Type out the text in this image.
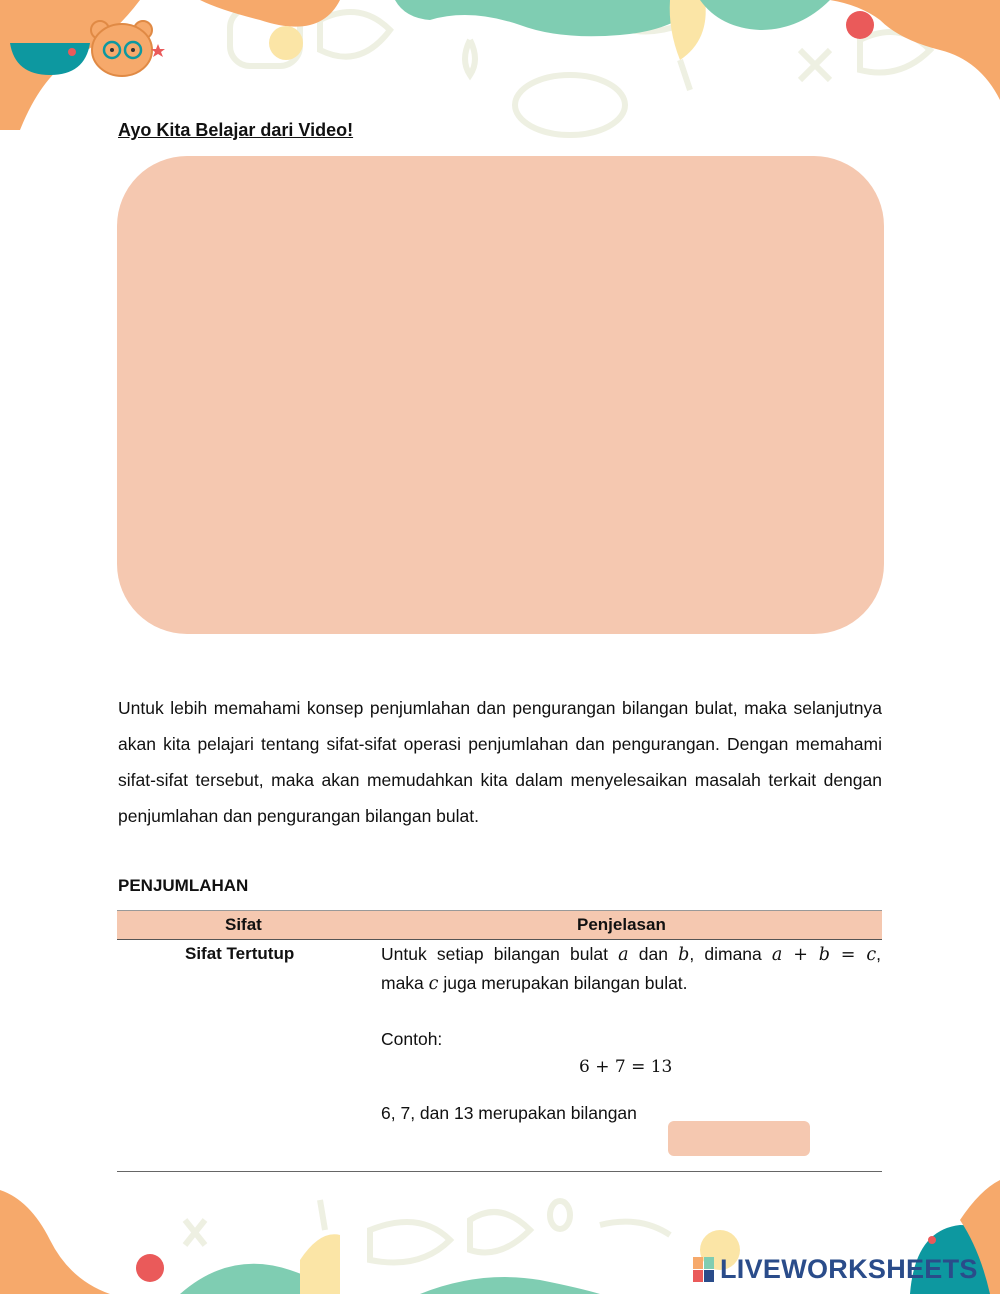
Ayo Kita Belajar dari Video!
Untuk lebih memahami konsep penjumlahan dan pengurangan bilangan bulat, maka selanjutnya akan kita pelajari tentang sifat-sifat operasi penjumlahan dan pengurangan. Dengan memahami sifat-sifat tersebut, maka akan memudahkan kita dalam menyelesaikan masalah terkait dengan penjumlahan dan pengurangan bilangan bulat.
PENJUMLAHAN
Sifat	Penjelasan
Sifat Tertutup	Untuk setiap bilangan bulat a dan b, dimana a + b = c,
maka c juga merupakan bilangan bulat.
Contoh:
6 + 7 = 13
6, 7, dan 13 merupakan bilangan
LIVEWORKSHEETS
